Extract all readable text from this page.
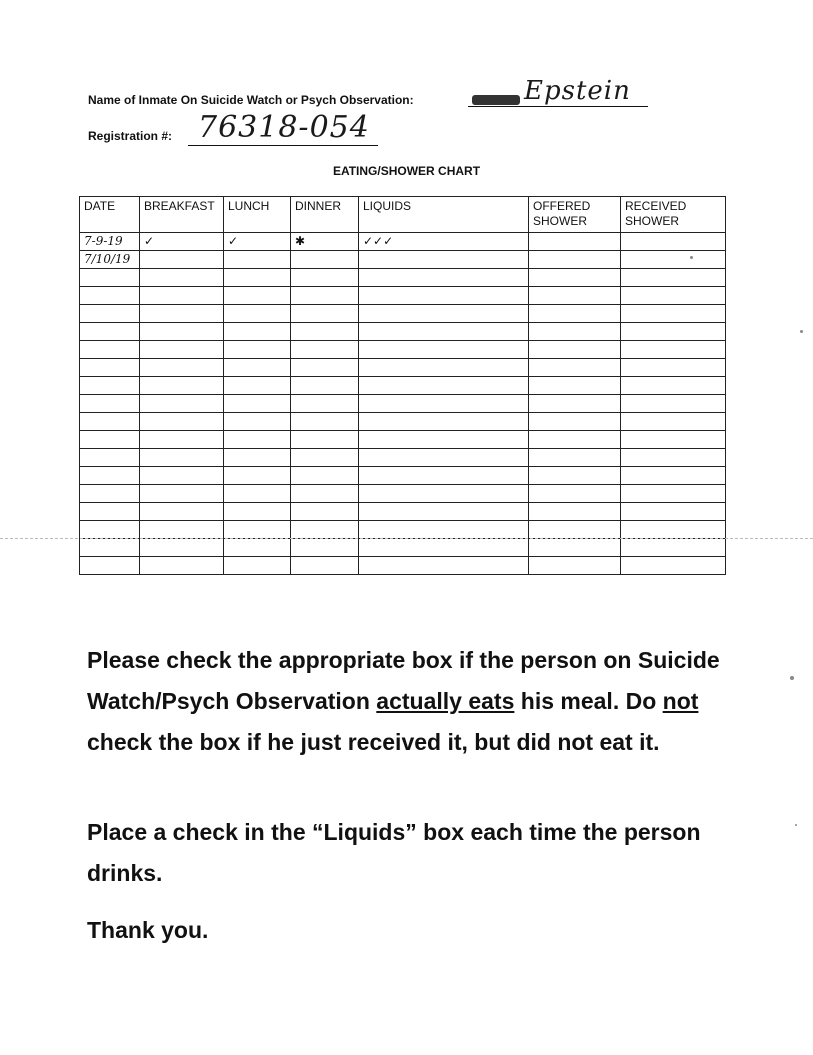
Name of Inmate On Suicide Watch or Psych Observation:	Epstein
Registration #: 76318-054
EATING/SHOWER CHART
DATE	BREAKFAST	LUNCH	DINNER	LIQUIDS	OFFERED SHOWER	RECEIVED SHOWER
7-9-19	✓	✓	✱	✓✓✓		
7/10/19						

Please check the appropriate box if the person on Suicide Watch/Psych Observation actually eats his meal. Do not check the box if he just received it, but did not eat it.
Place a check in the “Liquids” box each time the person drinks.
Thank you.
